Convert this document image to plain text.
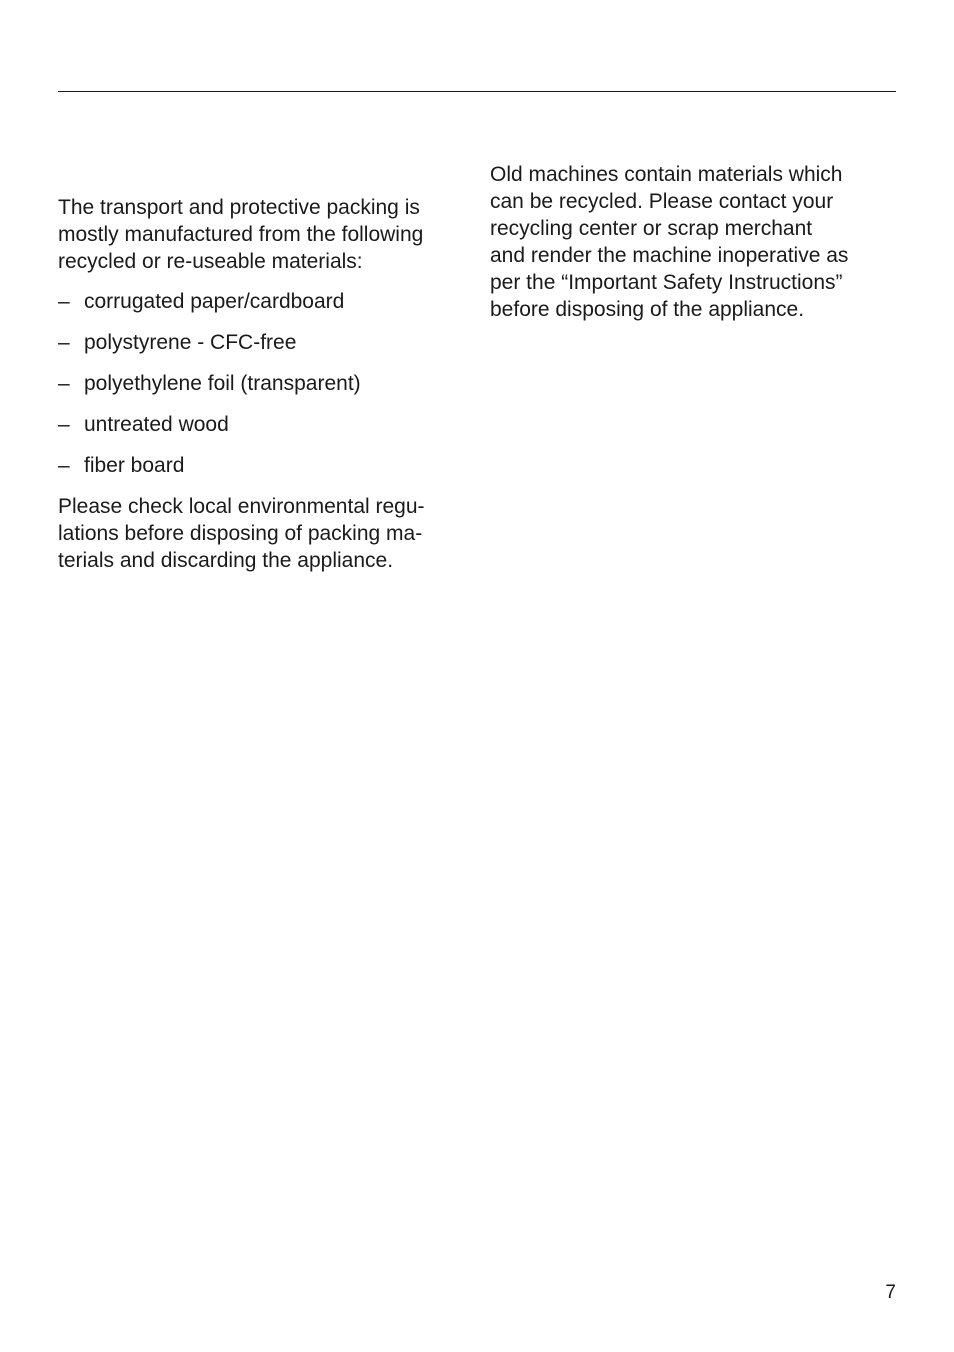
The transport and protective packing is
mostly manufactured from the following
recycled or re-useable materials:

– corrugated paper/cardboard
– polystyrene - CFC-free
– polyethylene foil (transparent)
– untreated wood
– fiber board

Please check local environmental regu-
lations before disposing of packing ma-
terials and discarding the appliance.

Old machines contain materials which
can be recycled. Please contact your
recycling center or scrap merchant
and render the machine inoperative as
per the “Important Safety Instructions”
before disposing of the appliance.

7
